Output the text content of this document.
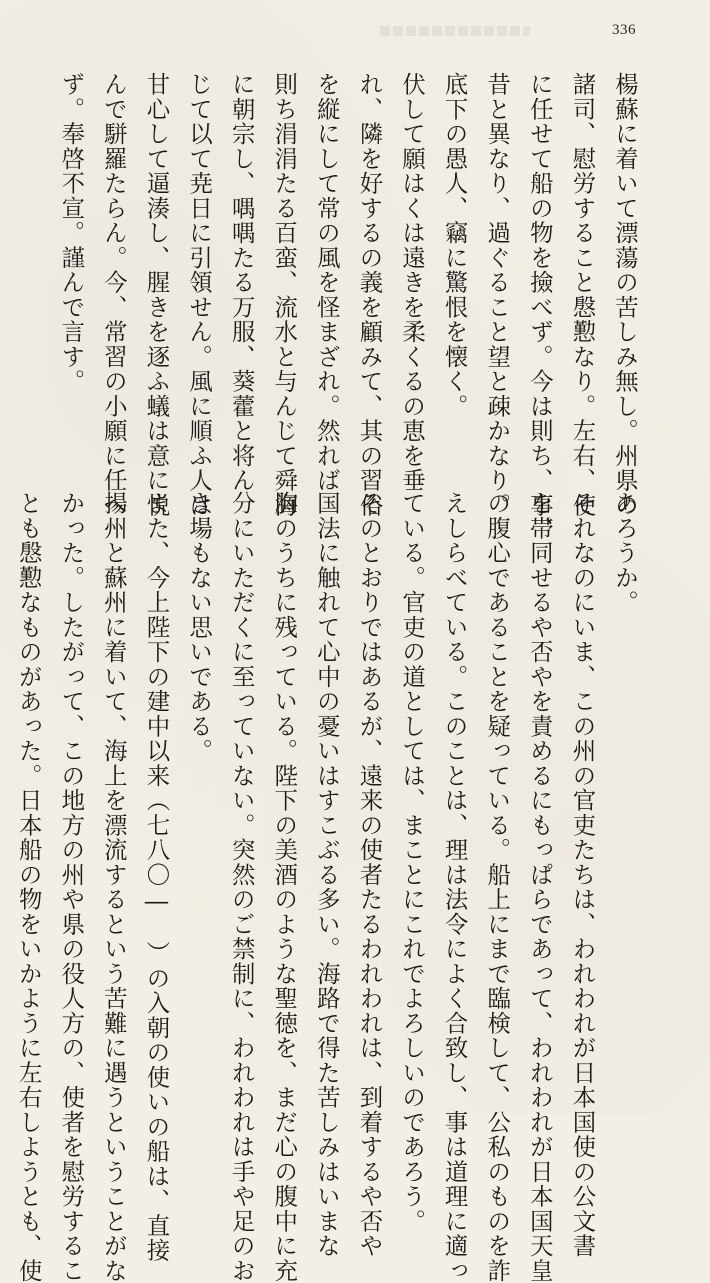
336
楊蘇に着いて漂蕩の苦しみ無し。州県の
諸司、慰労すること慇懃なり。左右、使
に任せて船の物を撿べず。今は則ち、事、
昔と異なり、過ぐること望と疎かなり。
底下の愚人、竊に驚恨を懐く。
伏して願はくは遠きを柔くるの恵を垂
れ、隣を好するの義を顧みて、其の習俗
を縦にして常の風を怪まざれ。然れば
則ち涓涓たる百蛮、流水と与んじて舜海
に朝宗し、喁喁たる万服、葵藿と将ん
じて以て尭日に引領せん。風に順ふ人は
甘心して逼湊し、腥きを逐ふ蟻は意に悦
んで駢羅たらん。今、常習の小願に任へ
ず。奉啓不宣。謹んで言す。
あろうか。
それなのにいま、この州の官吏たちは、われわれが日本国使の公文書
を帯同せるや否やを責めるにもっぱらであって、われわれが日本国天皇
の腹心であることを疑っている。船上にまで臨検して、公私のものを詐
えしらべている。このことは、理は法令によく合致し、事は道理に適っ
ている。官吏の道としては、まことにこれでよろしいのであろう。
そのとおりではあるが、遠来の使者たるわれわれは、到着するや否や
国法に触れて心中の憂いはすこぶる多い。海路で得た苦しみはいまな
胸のうちに残っている。陛下の美酒のような聖徳を、まだ心の腹中に充
分にいただくに至っていない。突然のご禁制に、われわれは手や足のお
き場もない思いである。
また、今上陛下の建中以来（七八〇―　）の入朝の使いの船は、直接
揚州と蘇州に着いて、海上を漂流するという苦難に遇うということがな
かった。したがって、この地方の州や県の役人方の、使者を慰労するこ
とも慇懃なものがあった。日本船の物をいかように左右しようとも、使
